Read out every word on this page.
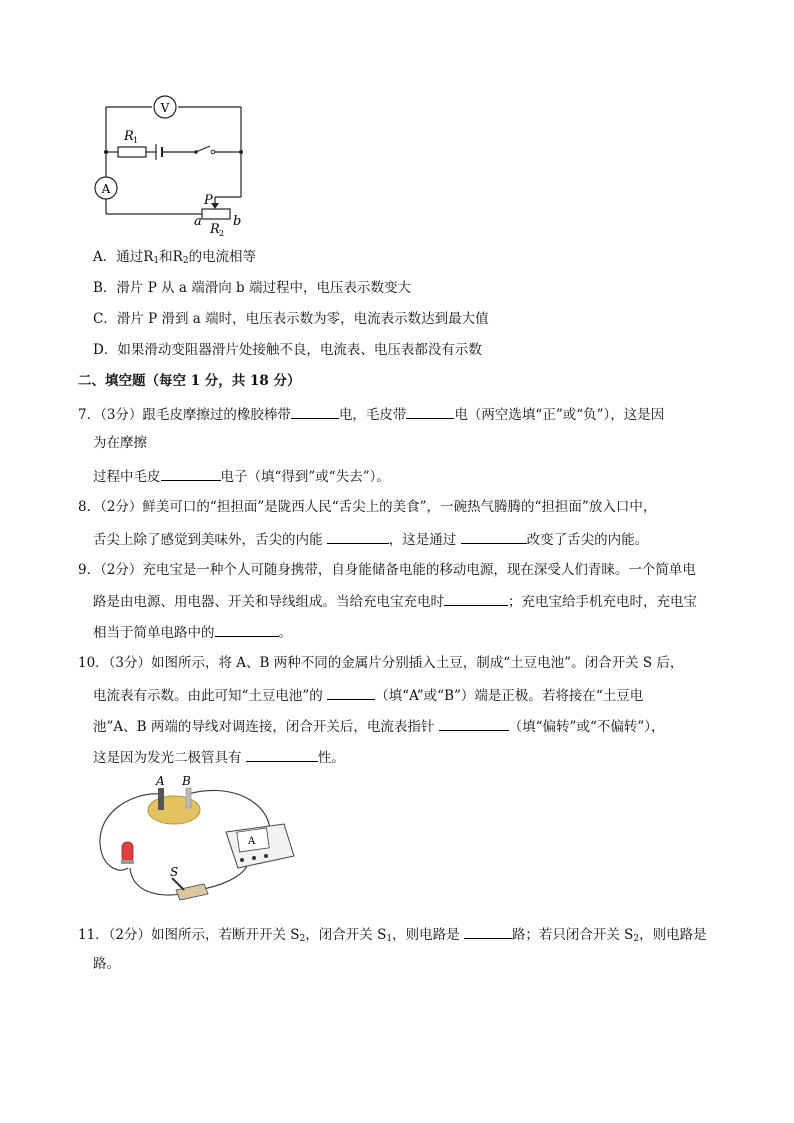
V
A
R 1
P
a b
R 2
A．通过$R_1$和$R_2$的电流相等
B．滑片 P 从 a 端滑向 b 端过程中，电压表示数变大
C．滑片 P 滑到 a 端时，电压表示数为零，电流表示数达到最大值
D．如果滑动变阻器滑片处接触不良，电流表、电压表都没有示数
二、填空题（每空 1 分，共 18 分）
7．（3分）跟毛皮摩擦过的橡胶棒带	电，毛皮带	电（两空选填“正”或“负”），这是因
为在摩擦
过程中毛皮	电子（填“得到”或“失去”）。
8．（2分）鲜美可口的“担担面”是陇西人民“舌尖上的美食”，一碗热气腾腾的“担担面”放入口中，
舌尖上除了感觉到美味外，舌尖的内能	，这是通过	改变了舌尖的内能。
9．（2分）充电宝是一种个人可随身携带，自身能储备电能的移动电源，现在深受人们青睐。一个简单电
路是由电源、用电器、开关和导线组成。当给充电宝充电时	；充电宝给手机充电时，充电宝
相当于简单电路中的	。
10．（3分）如图所示，将 A、B 两种不同的金属片分别插入土豆，制成“土豆电池”。闭合开关 S 后，
电流表有示数。由此可知“土豆电池”的	（填“A”或“B”）端是正极。若将接在“土豆电
池”A、B 两端的导线对调连接，闭合开关后，电流表指针	（填“偏转”或“不偏转”），
这是因为发光二极管具有	性。
A B
A
S
11．（2分）如图所示，若断开开关 $S_2$，闭合开关 $S_1$，则电路是	路；若只闭合开关 $S_2$，则电路是
路。
